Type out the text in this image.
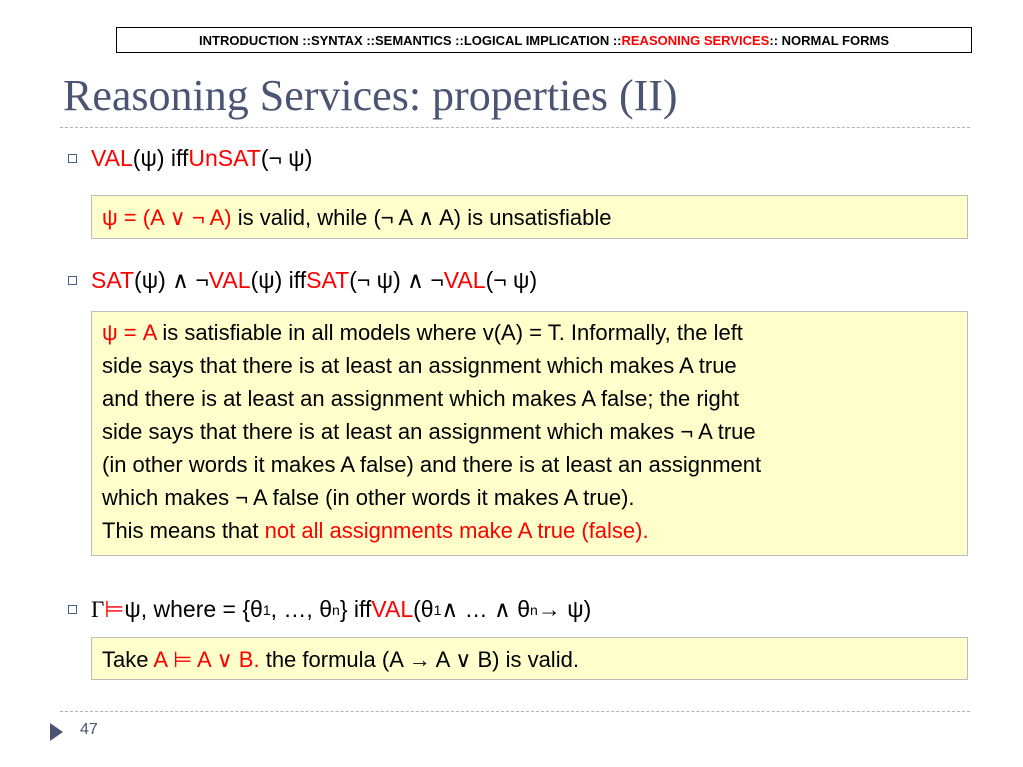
INTRODUCTION :: SYNTAX :: SEMANTICS :: LOGICAL IMPLICATION :: REASONING SERVICES :: NORMAL FORMS
Reasoning Services: properties (II)
VAL (ψ) iff UnSAT (¬ ψ)
ψ = (A ∨ ¬ A) is valid, while (¬ A ∧ A) is unsatisfiable
SAT (ψ) ∧ ¬ VAL (ψ) iff SAT (¬ ψ) ∧ ¬ VAL (¬ ψ)
ψ = A is satisfiable in all models where v(A) = T. Informally, the left
side says that there is at least an assignment which makes A true
and there is at least an assignment which makes A false; the right
side says that there is at least an assignment which makes ¬ A true
(in other words it makes A false) and there is at least an assignment
which makes ¬ A false (in other words it makes A true).
This means that not all assignments make A true (false).
Γ ⊨ ψ, where = {θ 1 , …, θ n } iff VAL (θ 1 ∧ … ∧ θ n → ψ)
Take A ⊨ A ∨ B. the formula (A → A ∨ B) is valid.
47
